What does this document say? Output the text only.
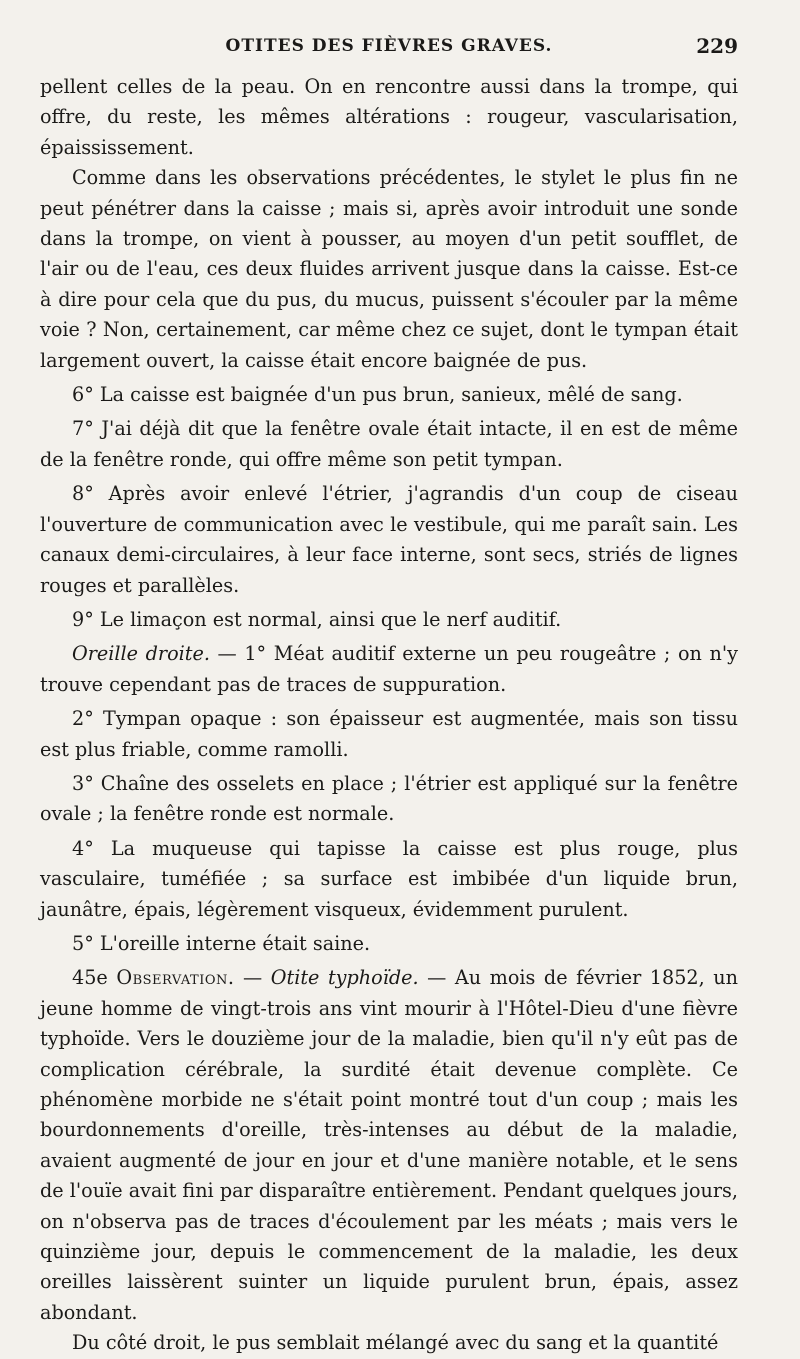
OTITES DES FIÈVRES GRAVES.	229

pellent celles de la peau. On en rencontre aussi dans la trompe, qui offre, du reste, les mêmes altérations : rougeur, vascularisation, épaississement.

Comme dans les observations précédentes, le stylet le plus fin ne peut pénétrer dans la caisse ; mais si, après avoir introduit une sonde dans la trompe, on vient à pousser, au moyen d'un petit soufflet, de l'air ou de l'eau, ces deux fluides arrivent jusque dans la caisse. Est-ce à dire pour cela que du pus, du mucus, puissent s'écouler par la même voie ? Non, certainement, car même chez ce sujet, dont le tympan était largement ouvert, la caisse était encore baignée de pus.

6° La caisse est baignée d'un pus brun, sanieux, mêlé de sang.

7° J'ai déjà dit que la fenêtre ovale était intacte, il en est de même de la fenêtre ronde, qui offre même son petit tympan.

8° Après avoir enlevé l'étrier, j'agrandis d'un coup de ciseau l'ouverture de communication avec le vestibule, qui me paraît sain. Les canaux demi-circulaires, à leur face interne, sont secs, striés de lignes rouges et parallèles.

9° Le limaçon est normal, ainsi que le nerf auditif.

Oreille droite. — 1° Méat auditif externe un peu rougeâtre ; on n'y trouve cependant pas de traces de suppuration.

2° Tympan opaque : son épaisseur est augmentée, mais son tissu est plus friable, comme ramolli.

3° Chaîne des osselets en place ; l'étrier est appliqué sur la fenêtre ovale ; la fenêtre ronde est normale.

4° La muqueuse qui tapisse la caisse est plus rouge, plus vasculaire, tuméfiée ; sa surface est imbibée d'un liquide brun, jaunâtre, épais, légèrement visqueux, évidemment purulent.

5° L'oreille interne était saine.

45e Observation. — Otite typhoïde. — Au mois de février 1852, un jeune homme de vingt-trois ans vint mourir à l'Hôtel-Dieu d'une fièvre typhoïde. Vers le douzième jour de la maladie, bien qu'il n'y eût pas de complication cérébrale, la surdité était devenue complète. Ce phénomène morbide ne s'était point montré tout d'un coup ; mais les bourdonnements d'oreille, très-intenses au début de la maladie, avaient augmenté de jour en jour et d'une manière notable, et le sens de l'ouïe avait fini par disparaître entièrement. Pendant quelques jours, on n'observa pas de traces d'écoulement par les méats ; mais vers le quinzième jour, depuis le commencement de la maladie, les deux oreilles laissèrent suinter un liquide purulent brun, épais, assez abondant.

Du côté droit, le pus semblait mélangé avec du sang et la quantité
